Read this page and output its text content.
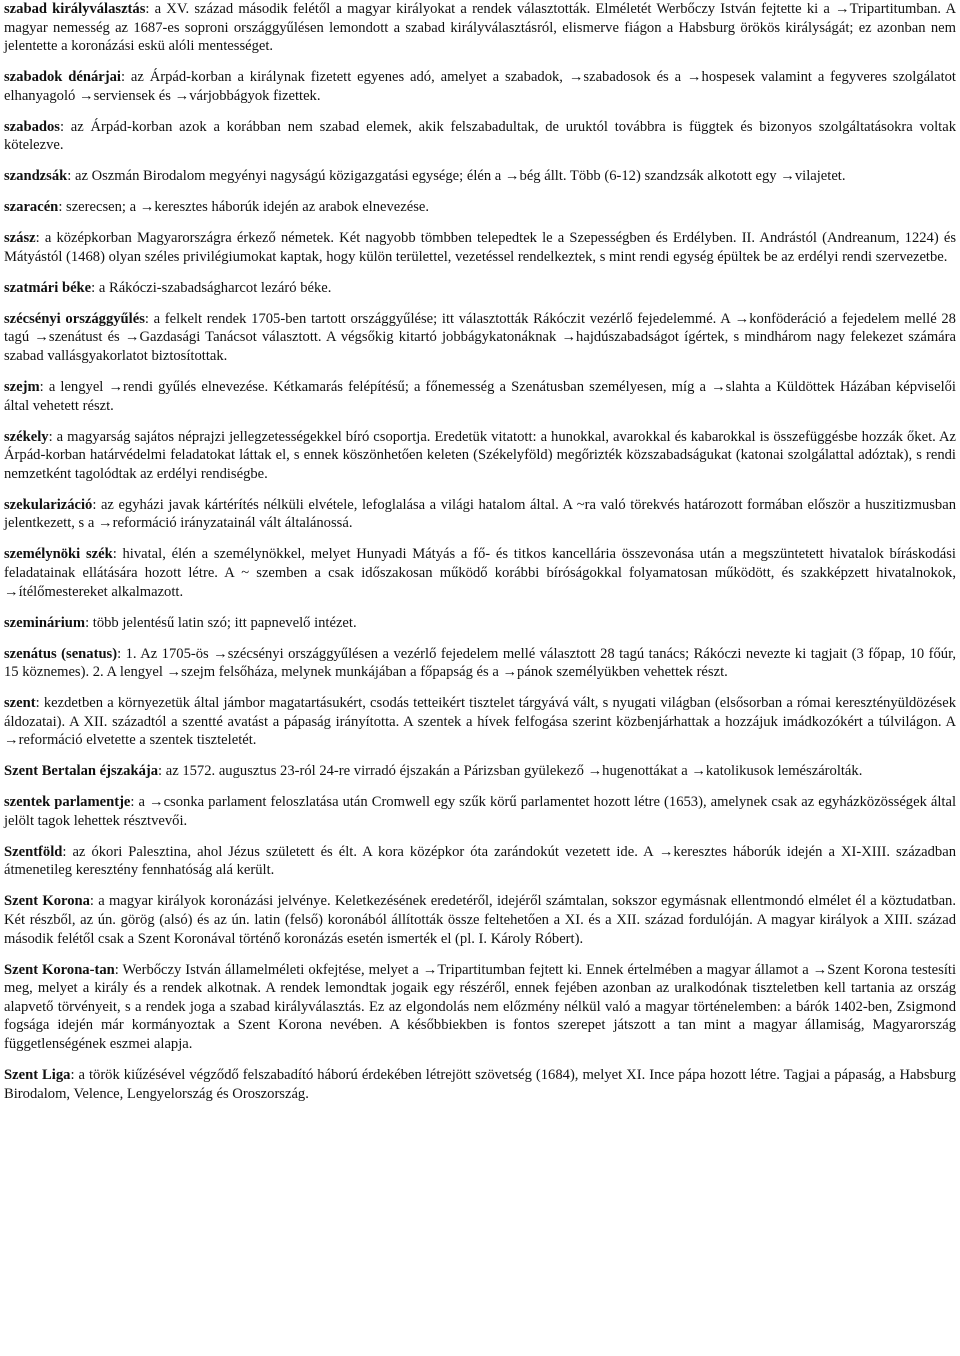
szabad királyválasztás: a XV. század második felétől a magyar királyokat a rendek választották. Elméletét Werbőczy István fejtette ki a →Tripartitumban. A magyar nemesség az 1687-es soproni országgyűlésen lemondott a szabad királyválasztásról, elismerve fiágon a Habsburg örökös királyságát; ez azonban nem jelentette a koronázási eskü alóli mentességet.

szabadok dénárjai: az Árpád-korban a királynak fizetett egyenes adó, amelyet a szabadok, →szabadosok és a →hospesek valamint a fegyveres szolgálatot elhanyagoló →serviensek és →várjobbágyok fizettek.

szabados: az Árpád-korban azok a korábban nem szabad elemek, akik felszabadultak, de uruktól továbbra is függtek és bizonyos szolgáltatásokra voltak kötelezve.

szandzsák: az Oszmán Birodalom megyényi nagyságú közigazgatási egysége; élén a →bég állt. Több (6-12) szandzsák alkotott egy →vilajetet.

szaracén: szerecsen; a →keresztes háborúk idején az arabok elnevezése.

szász: a középkorban Magyarországra érkező németek. Két nagyobb tömbben telepedtek le a Szepességben és Erdélyben. II. Andrástól (Andreanum, 1224) és Mátyástól (1468) olyan széles privilégiumokat kaptak, hogy külön területtel, vezetéssel rendelkeztek, s mint rendi egység épültek be az erdélyi rendi szervezetbe.

szatmári béke: a Rákóczi-szabadságharcot lezáró béke.

szécsényi országgyűlés: a felkelt rendek 1705-ben tartott országgyűlése; itt választották Rákóczit vezérlő fejedelemmé. A →konföderáció a fejedelem mellé 28 tagú →szenátust és →Gazdasági Tanácsot választott. A végsőkig kitartó jobbágykatonáknak →hajdúszabadságot ígértek, s mindhárom nagy felekezet számára szabad vallásgyakorlatot biztosítottak.

szejm: a lengyel →rendi gyűlés elnevezése. Kétkamarás felépítésű; a főnemesség a Szenátusban személyesen, míg a →slahta a Küldöttek Házában képviselői által vehetett részt.

székely: a magyarság sajátos néprajzi jellegzetességekkel bíró csoportja. Eredetük vitatott: a hunokkal, avarokkal és kabarokkal is összefüggésbe hozzák őket. Az Árpád-korban határvédelmi feladatokat láttak el, s ennek köszönhetően keleten (Székelyföld) megőrizték közszabadságukat (katonai szolgálattal adóztak), s rendi nemzetként tagolódtak az erdélyi rendiségbe.

szekularizáció: az egyházi javak kártérítés nélküli elvétele, lefoglalása a világi hatalom által. A ~ra való törekvés határozott formában először a huszitizmusban jelentkezett, s a →reformáció irányzatainál vált általánossá.

személynöki szék: hivatal, élén a személynökkel, melyet Hunyadi Mátyás a fő- és titkos kancellária összevonása után a megszüntetett hivatalok bíráskodási feladatainak ellátására hozott létre. A ~ szemben a csak időszakosan működő korábbi bíróságokkal folyamatosan működött, és szakképzett hivatalnokok, →ítélőmestereket alkalmazott.

szeminárium: több jelentésű latin szó; itt papnevelő intézet.

szenátus (senatus): 1. Az 1705-ös →szécsényi országgyűlésen a vezérlő fejedelem mellé választott 28 tagú tanács; Rákóczi nevezte ki tagjait (3 főpap, 10 főúr, 15 köznemes). 2. A lengyel →szejm felsőháza, melynek munkájában a főpapság és a →pánok személyükben vehettek részt.

szent: kezdetben a környezetük által jámbor magatartásukért, csodás tetteikért tisztelet tárgyává vált, s nyugati világban (elsősorban a római keresztényüldözések áldozatai). A XII. századtól a szentté avatást a pápaság irányította. A szentek a hívek felfogása szerint közbenjárhattak a hozzájuk imádkozókért a túlvilágon. A →reformáció elvetette a szentek tiszteletét.

Szent Bertalan éjszakája: az 1572. augusztus 23-ról 24-re virradó éjszakán a Párizsban gyülekező →hugenottákat a →katolikusok lemészárolták.

szentek parlamentje: a →csonka parlament feloszlatása után Cromwell egy szűk körű parlamentet hozott létre (1653), amelynek csak az egyházközösségek által jelölt tagok lehettek résztvevői.

Szentföld: az ókori Palesztina, ahol Jézus született és élt. A kora középkor óta zarándokút vezetett ide. A →keresztes háborúk idején a XI-XIII. században átmenetileg keresztény fennhatóság alá került.

Szent Korona: a magyar királyok koronázási jelvénye. Keletkezésének eredetéről, idejéről számtalan, sokszor egymásnak ellentmondó elmélet él a köztudatban. Két részből, az ún. görög (alsó) és az ún. latin (felső) koronából állították össze feltehetően a XI. és a XII. század fordulóján. A magyar királyok a XIII. század második felétől csak a Szent Koronával történő koronázás esetén ismerték el (pl. I. Károly Róbert).

Szent Korona-tan: Werbőczy István államelméleti okfejtése, melyet a →Tripartitumban fejtett ki. Ennek értelmében a magyar államot a →Szent Korona testesíti meg, melyet a király és a rendek alkotnak. A rendek lemondtak jogaik egy részéről, ennek fejében azonban az uralkodónak tiszteletben kell tartania az ország alapvető törvényeit, s a rendek joga a szabad királyválasztás. Ez az elgondolás nem előzmény nélkül való a magyar történelemben: a bárók 1402-ben, Zsigmond fogsága idején már kormányoztak a Szent Korona nevében. A későbbiekben is fontos szerepet játszott a tan mint a magyar államiság, Magyarország függetlenségének eszmei alapja.

Szent Liga: a török kiűzésével végződő felszabadító háború érdekében létrejött szövetség (1684), melyet XI. Ince pápa hozott létre. Tagjai a pápaság, a Habsburg Birodalom, Velence, Lengyelország és Oroszország.
